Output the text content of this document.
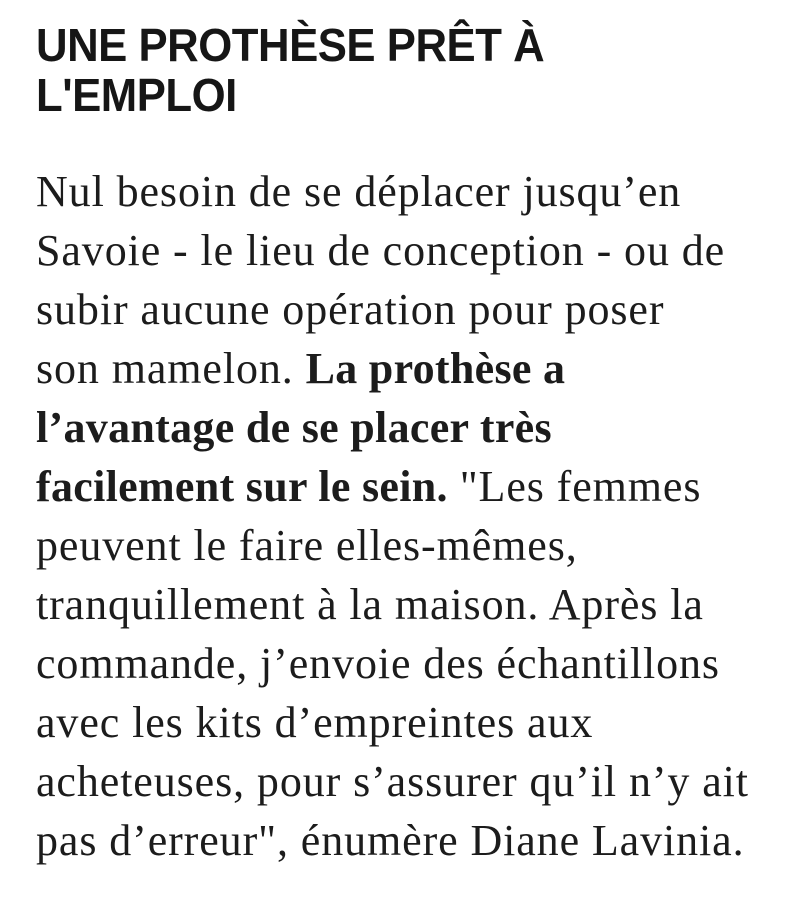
UNE PROTHÈSE PRÊT À
L'EMPLOI

Nul besoin de se déplacer jusqu’en
Savoie - le lieu de conception - ou de
subir aucune opération pour poser
son mamelon. La prothèse a
l’avantage de se placer très
facilement sur le sein. "Les femmes
peuvent le faire elles-mêmes,
tranquillement à la maison. Après la
commande, j’envoie des échantillons
avec les kits d’empreintes aux
acheteuses, pour s’assurer qu’il n’y ait
pas d’erreur", énumère Diane Lavinia.
